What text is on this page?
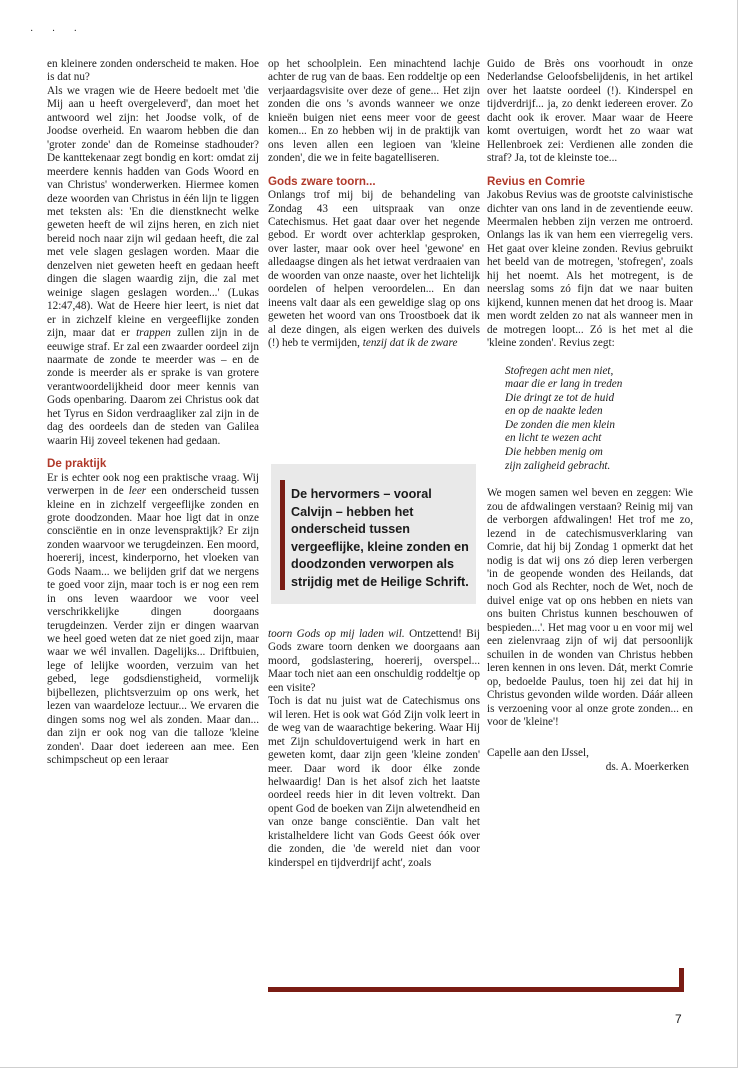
· · ·

en kleinere zonden onderscheid te maken. Hoe is dat nu?

Als we vragen wie de Heere bedoelt met 'die Mij aan u heeft overgeleverd', dan moet het antwoord wel zijn: het Joodse volk, of de Joodse overheid. En waarom hebben die dan 'groter zonde' dan de Romeinse stadhouder? De kanttekenaar zegt bondig en kort: omdat zij meerdere kennis hadden van Gods Woord en van Christus' wonderwerken. Hiermee komen deze woorden van Christus in één lijn te liggen met teksten als: 'En die dienstknecht welke geweten heeft de wil zijns heren, en zich niet bereid noch naar zijn wil gedaan heeft, die zal met vele slagen geslagen worden. Maar die denzelven niet geweten heeft en gedaan heeft dingen die slagen waardig zijn, die zal met weinige slagen geslagen worden...' (Lukas 12:47,48). Wat de Heere hier leert, is niet dat er in zichzelf kleine en vergeeflijke zonden zijn, maar dat er trappen zullen zijn in de eeuwige straf. Er zal een zwaarder oordeel zijn naarmate de zonde te meerder was – en de zonde is meerder als er sprake is van grotere verantwoordelijkheid door meer kennis van Gods openbaring. Daarom zei Christus ook dat het Tyrus en Sidon verdraagliker zal zijn in de dag des oordeels dan de steden van Galilea waarin Hij zoveel tekenen had gedaan.

De praktijk

Er is echter ook nog een praktische vraag. Wij verwerpen in de leer een onderscheid tussen kleine en in zichzelf vergeeflijke zonden en grote doodzonden. Maar hoe ligt dat in onze consciëntie en in onze levenspraktijk? Er zijn zonden waarvoor we terugdeinzen. Een moord, hoererij, incest, kinderporno, het vloeken van Gods Naam... we belijden grif dat we nergens te goed voor zijn, maar toch is er nog een rem in ons leven waardoor we voor veel verschrikkelijke dingen doorgaans terugdeinzen. Verder zijn er dingen waarvan we heel goed weten dat ze niet goed zijn, maar waar we wél invallen. Dagelijks... Driftbuien, lege of lelijke woorden, verzuim van het gebed, lege godsdienstigheid, vormelijk bijbellezen, plichtsverzuim op ons werk, het lezen van waardeloze lectuur... We ervaren die dingen soms nog wel als zonden. Maar dan... dan zijn er ook nog van die talloze 'kleine zonden'. Daar doet iedereen aan mee. Een schimpscheut op een leraar

op het schoolplein. Een minachtend lachje achter de rug van de baas. Een roddeltje op een verjaardagsvisite over deze of gene... Het zijn zonden die ons 's avonds wanneer we onze knieën buigen niet eens meer voor de geest komen... En zo hebben wij in de praktijk van ons leven allen een legioen van 'kleine zonden', die we in feite bagatelliseren.

Gods zware toorn...

Onlangs trof mij bij de behandeling van Zondag 43 een uitspraak van onze Catechismus. Het gaat daar over het negende gebod. Er wordt over achterklap gesproken, over laster, maar ook over heel 'gewone' en alledaagse dingen als het ietwat verdraaien van de woorden van onze naaste, over het lichtelijk oordelen of helpen veroordelen... En dan ineens valt daar als een geweldige slag op ons geweten het woord van ons Troostboek dat ik al deze dingen, als eigen werken des duivels (!) heb te vermijden, tenzij dat ik de zware

De hervormers – vooral Calvijn – hebben het onderscheid tussen vergeeflijke, kleine zonden en doodzonden verworpen als strijdig met de Heilige Schrift.

toorn Gods op mij laden wil. Ontzettend! Bij Gods zware toorn denken we doorgaans aan moord, godslastering, hoererij, overspel... Maar toch niet aan een onschuldig roddeltje op een visite?

Toch is dat nu juist wat de Catechismus ons wil leren. Het is ook wat Gód Zijn volk leert in de weg van de waarachtige bekering. Waar Hij met Zijn schuldovertuigend werk in hart en geweten komt, daar zijn geen 'kleine zonden' meer. Daar word ik door élke zonde helwaardig! Dan is het alsof zich het laatste oordeel reeds hier in dit leven voltrekt. Dan opent God de boeken van Zijn alwetendheid en van onze bange consciëntie. Dan valt het kristalheldere licht van Gods Geest óók over die zonden, die 'de wereld niet dan voor kinderspel en tijdverdrijf acht', zoals

Guido de Brès ons voorhoudt in onze Nederlandse Geloofsbelijdenis, in het artikel over het laatste oordeel (!). Kinderspel en tijdverdrijf... ja, zo denkt iedereen erover. Zo dacht ook ik erover. Maar waar de Heere komt overtuigen, wordt het zo waar wat Hellenbroek zei: Verdienen alle zonden die straf? Ja, tot de kleinste toe...

Revius en Comrie

Jakobus Revius was de grootste calvinistische dichter van ons land in de zeventiende eeuw. Meermalen hebben zijn verzen me ontroerd. Onlangs las ik van hem een vierregelig vers. Het gaat over kleine zonden. Revius gebruikt het beeld van de motregen, 'stofregen', zoals hij het noemt. Als het motregent, is de neerslag soms zó fijn dat we naar buiten kijkend, kunnen menen dat het droog is. Maar men wordt zelden zo nat als wanneer men in de motregen loopt... Zó is het met al die 'kleine zonden'. Revius zegt:

Stofregen acht men niet,
maar die er lang in treden
Die dringt ze tot de huid
en op de naakte leden
De zonden die men klein
en licht te wezen acht
Die hebben menig om
zijn zaligheid gebracht.

We mogen samen wel beven en zeggen: Wie zou de afdwalingen verstaan? Reinig mij van de verborgen afdwalingen! Het trof me zo, lezend in de catechismusverklaring van Comrie, dat hij bij Zondag 1 opmerkt dat het nodig is dat wij ons zó diep leren verbergen 'in de geopende wonden des Heilands, dat noch God als Rechter, noch de Wet, noch de duivel enige vat op ons hebben en niets van ons buiten Christus kunnen beschouwen of bespieden...'. Het mag voor u en voor mij wel een zielenvraag zijn of wij dat persoonlijk schuilen in de wonden van Christus hebben leren kennen in ons leven. Dát, merkt Comrie op, bedoelde Paulus, toen hij zei dat hij in Christus gevonden wilde worden. Dáár alleen is verzoening voor al onze grote zonden... en voor de 'kleine'!

Capelle aan den IJssel,
ds. A. Moerkerken
7
